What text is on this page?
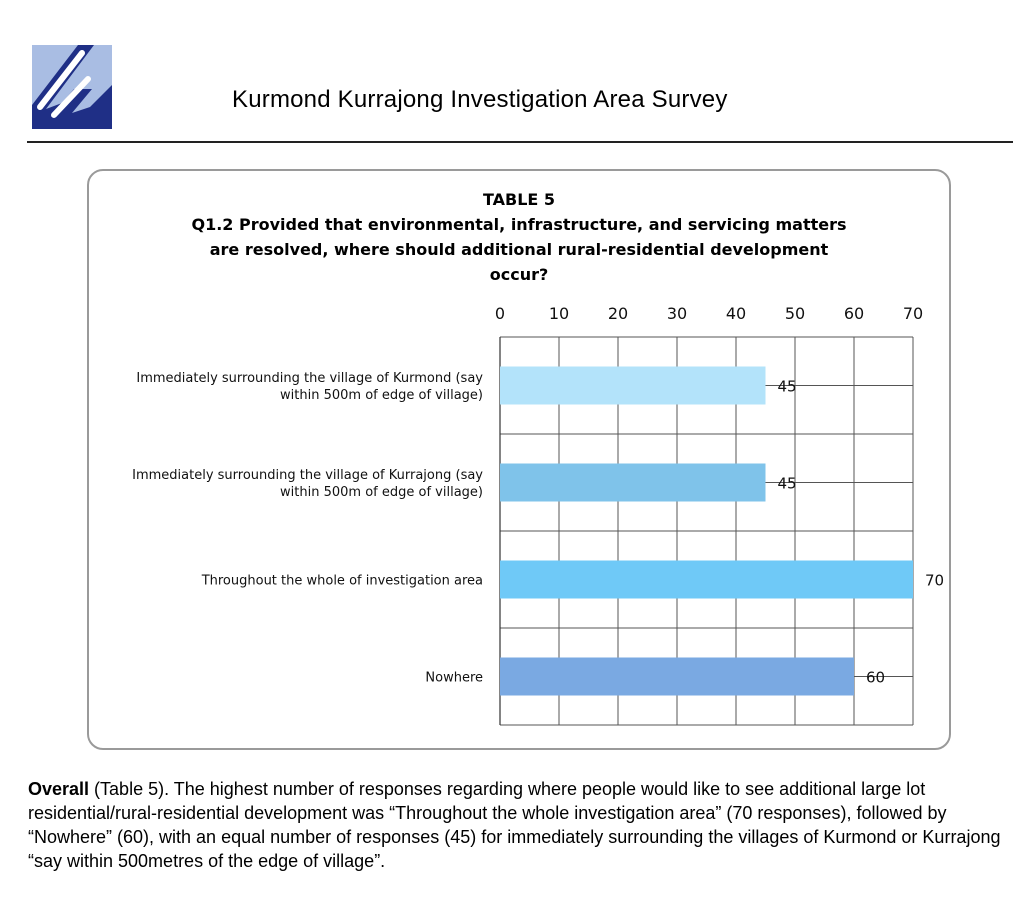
Kurmond Kurrajong Investigation Area Survey
TABLE 5
Q1.2 Provided that environmental, infrastructure, and servicing matters are resolved, where should additional rural-residential development occur?
0	10 20 30 40 50 60 70
45
Immediately surrounding the village of Kurmond (say
within 500m of edge of village)
45
Immediately surrounding the village of Kurrajong (say
within 500m of edge of village)
70
Throughout the whole of investigation area
60
Nowhere
Overall (Table 5). The highest number of responses regarding where people would like to see additional large lot residential/rural-residential development was “Throughout the whole investigation area” (70 responses), followed by “Nowhere” (60), with an equal number of responses (45) for immediately surrounding the villages of Kurmond or Kurrajong “say within 500metres of the edge of village”.
